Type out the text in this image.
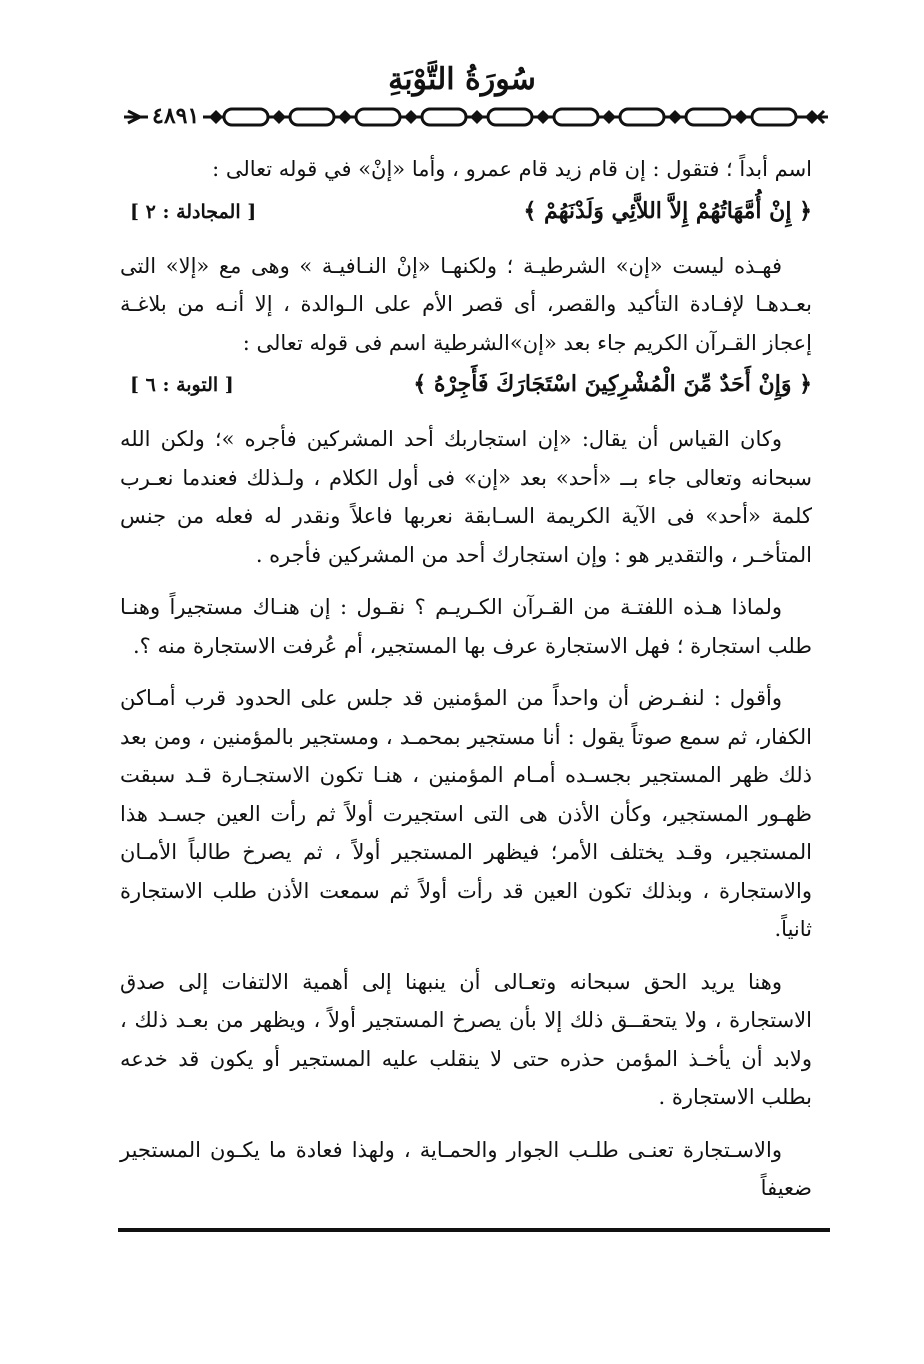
سُورَةُ التَّوْبَةِ
٤٨٩١

اسم أبداً ؛ فتقول : إن قام زيد قام عمرو ، وأما «إنْ» في قوله تعالى :

﴿ إِنْ أُمَّهَاتُهُمْ إِلاَّ اللاَّئِي وَلَدْنَهُمْ ﴾
[ المجادلة : ٢ ]

فهـذه ليست «إن» الشرطيـة ؛ ولكنهـا «إنْ النـافيـة » وهى مع «إلا» التى بعـدهـا لإفـادة التأكيد والقصر، أى قصر الأم على الـوالدة ، إلا أنـه من بلاغـة إعجاز القـرآن الكريم جاء بعد «إن»الشرطية اسم فى قوله تعالى :

﴿ وَإِنْ أَحَدٌ مِّنَ الْمُشْرِكِينَ اسْتَجَارَكَ فَأَجِرْهُ ﴾
[ التوبة : ٦ ]

وكان القياس أن يقال: «إن استجاربك أحد المشركين فأجره »؛ ولكن الله سبحانه وتعالى جاء بــ «أحد» بعد «إن» فى أول الكلام ، ولـذلك فعندما نعـرب كلمة «أحد» فى الآية الكريمة السـابقة نعربها فاعلاً ونقدر له فعله من جنس المتأخـر ، والتقدير هو : وإن استجارك أحد من المشركين فأجره .

ولماذا هـذه اللفتـة من القـرآن الكـريـم ؟ نقـول : إن هنـاك مستجيراً وهنـا طلب استجارة ؛ فهل الاستجارة عرف بها المستجير، أم عُرفت الاستجارة منه ؟.

وأقول : لنفـرض أن واحداً من المؤمنين قد جلس على الحدود قرب أمـاكن الكفار، ثم سمع صوتاً يقول : أنا مستجير بمحمـد ، ومستجير بالمؤمنين ، ومن بعد ذلك ظهر المستجير بجسـده أمـام المؤمنين ، هنـا تكون الاستجـارة قـد سبقت ظهـور المستجير، وكأن الأذن هى التى استجيرت أولاً ثم رأت العين جسـد هذا المستجير، وقـد يختلف الأمر؛ فيظهر المستجير أولاً ، ثم يصرخ طالباً الأمـان والاستجارة ، وبذلك تكون العين قد رأت أولاً ثم سمعت الأذن طلب الاستجارة ثانياً.

وهنا يريد الحق سبحانه وتعـالى أن ينبهنا إلى أهمية الالتفات إلى صدق الاستجارة ، ولا يتحقــق ذلك إلا بأن يصرخ المستجير أولاً ، ويظهر من بعـد ذلك ، ولابد أن يأخـذ المؤمن حذره حتى لا ينقلب عليه المستجير أو يكون قد خدعه بطلب الاستجارة .

والاسـتجارة تعنـى طلـب الجوار والحمـاية ، ولهذا فعادة ما يكـون المستجير ضعيفاً
